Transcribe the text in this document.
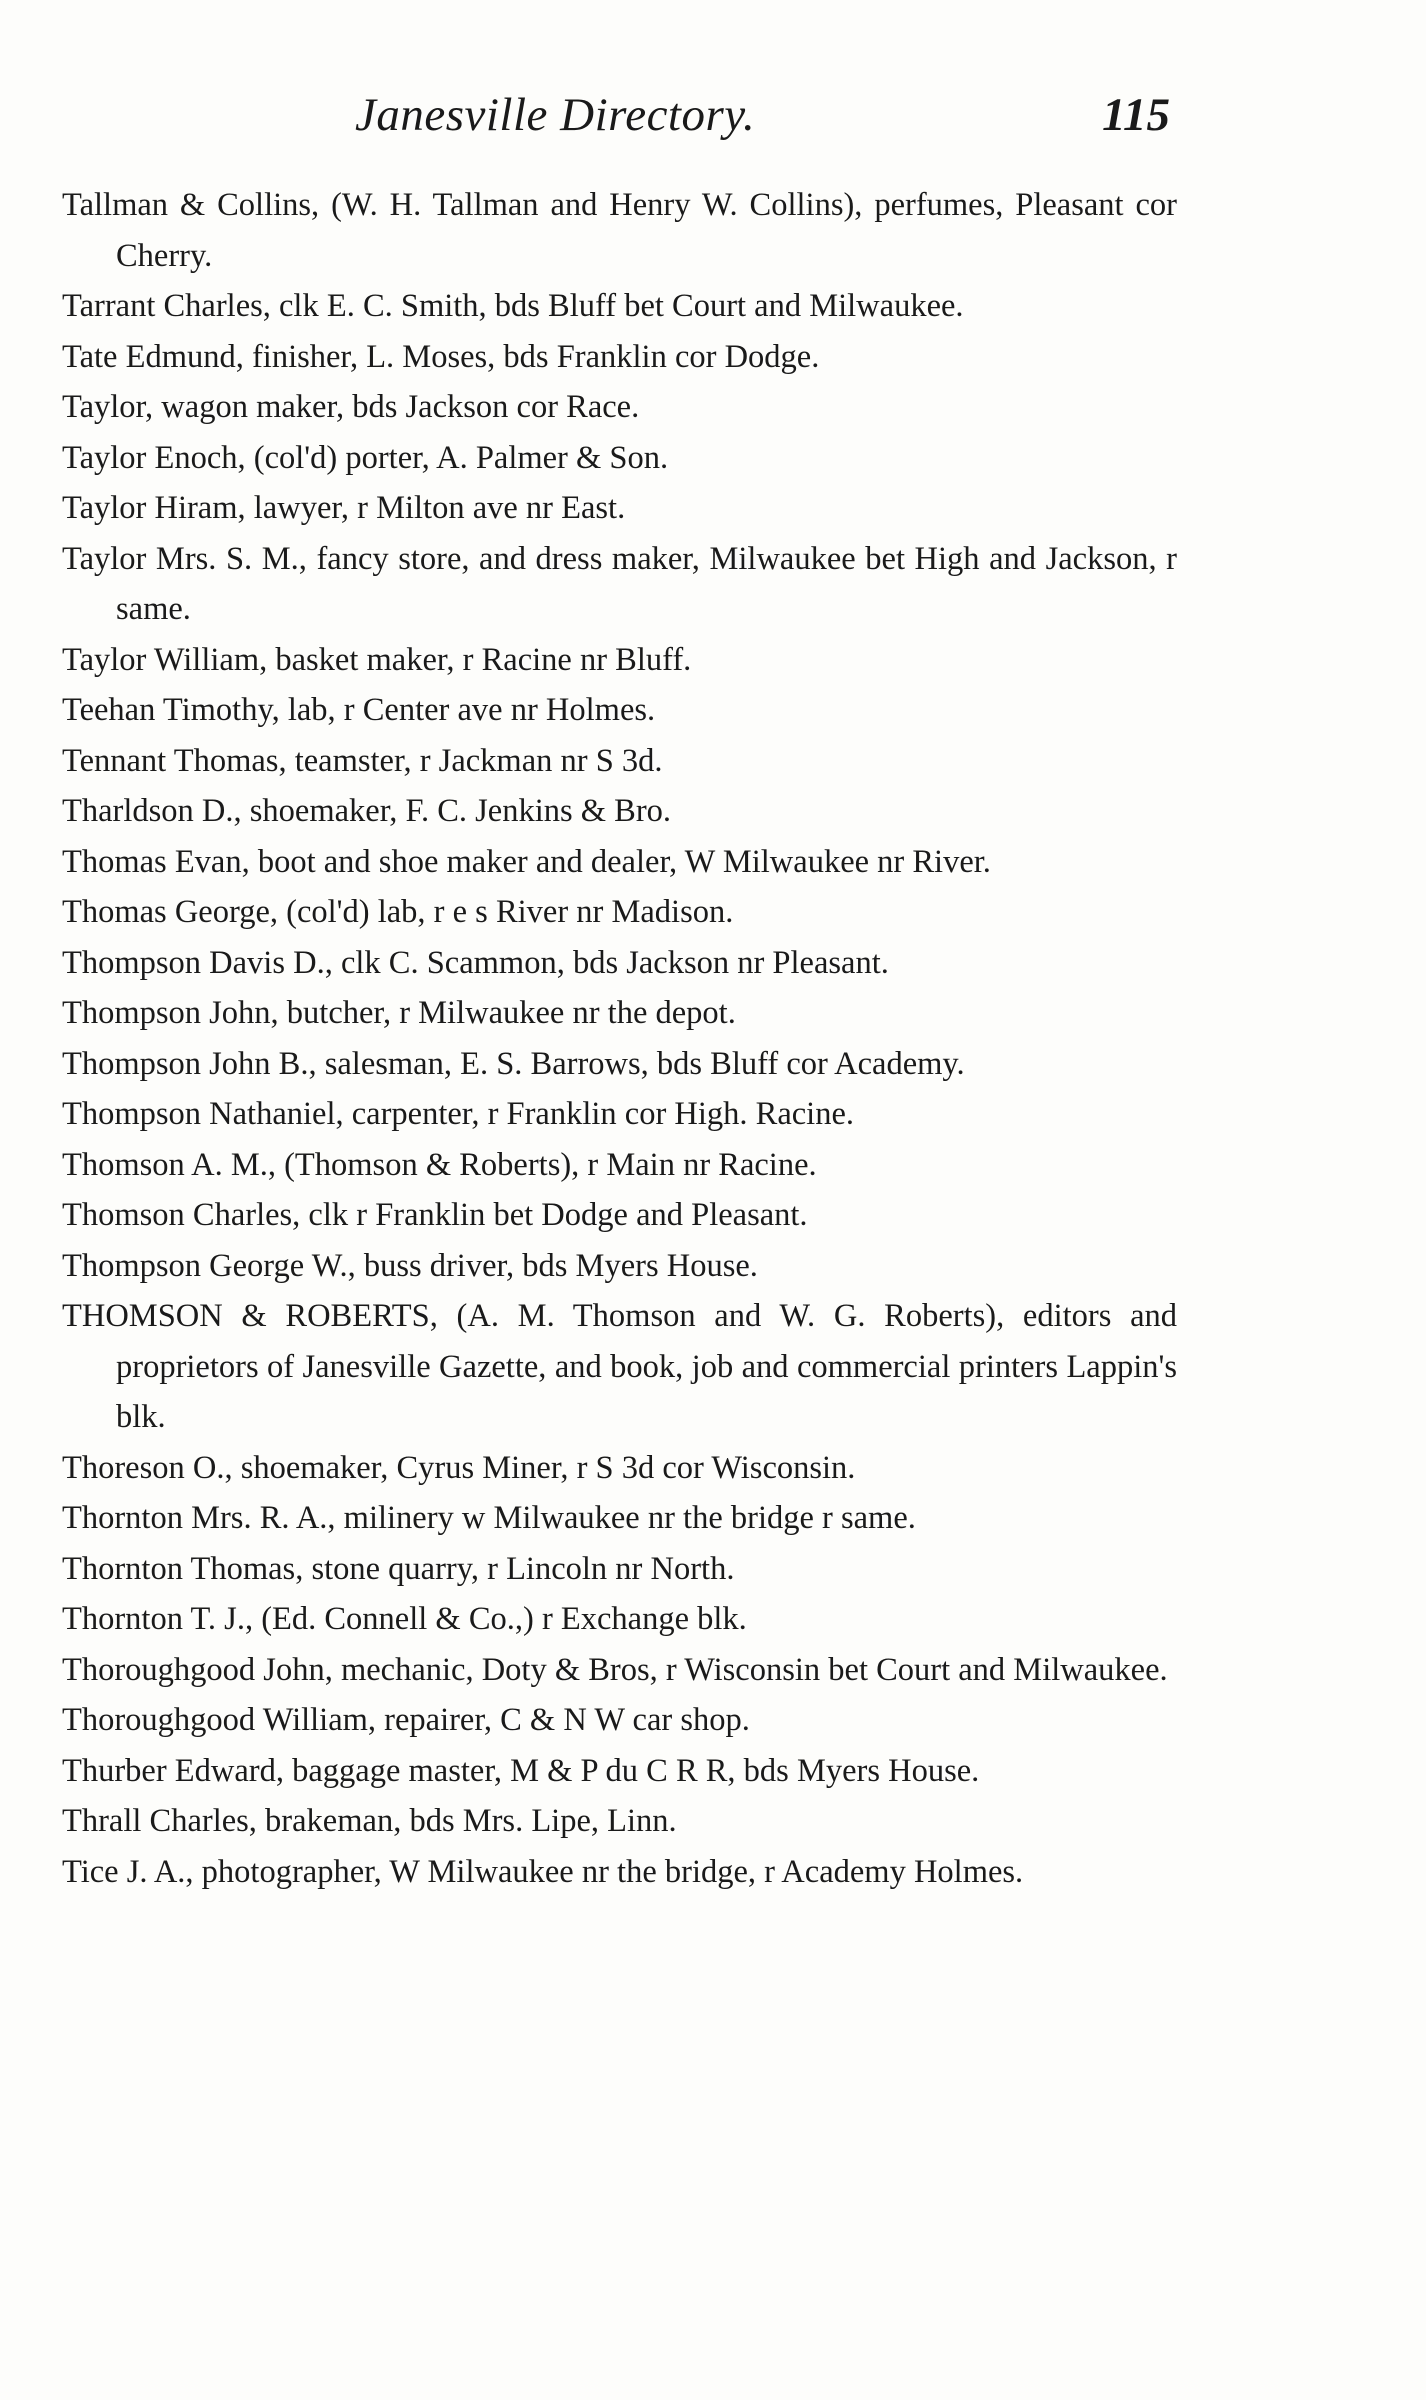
Janesville Directory.	115
Tallman & Collins, (W. H. Tallman and Henry W. Collins), perfumes, Pleasant cor Cherry.
Tarrant Charles, clk E. C. Smith, bds Bluff bet Court and Milwaukee.
Tate Edmund, finisher, L. Moses, bds Franklin cor Dodge.
Taylor, wagon maker, bds Jackson cor Race.
Taylor Enoch, (col'd) porter, A. Palmer & Son.
Taylor Hiram, lawyer, r Milton ave nr East.
Taylor Mrs. S. M., fancy store, and dress maker, Milwaukee bet High and Jackson, r same.
Taylor William, basket maker, r Racine nr Bluff.
Teehan Timothy, lab, r Center ave nr Holmes.
Tennant Thomas, teamster, r Jackman nr S 3d.
Tharldson D., shoemaker, F. C. Jenkins & Bro.
Thomas Evan, boot and shoe maker and dealer, W Milwaukee nr River.
Thomas George, (col'd) lab, r e s River nr Madison.
Thompson Davis D., clk C. Scammon, bds Jackson nr Pleasant.
Thompson John, butcher, r Milwaukee nr the depot.
Thompson John B., salesman, E. S. Barrows, bds Bluff cor Academy.
Thompson Nathaniel, carpenter, r Franklin cor High. Racine.
Thomson A. M., (Thomson & Roberts), r Main nr Racine.
Thomson Charles, clk r Franklin bet Dodge and Pleasant.
Thompson George W., buss driver, bds Myers House.
THOMSON & ROBERTS, (A. M. Thomson and W. G. Roberts), editors and proprietors of Janesville Gazette, and book, job and commercial printers Lappin's blk.
Thoreson O., shoemaker, Cyrus Miner, r S 3d cor Wisconsin.
Thornton Mrs. R. A., milinery w Milwaukee nr the bridge r same.
Thornton Thomas, stone quarry, r Lincoln nr North.
Thornton T. J., (Ed. Connell & Co.,) r Exchange blk.
Thoroughgood John, mechanic, Doty & Bros, r Wisconsin bet Court and Milwaukee.
Thoroughgood William, repairer, C & N W car shop.
Thurber Edward, baggage master, M & P du C R R, bds Myers House.
Thrall Charles, brakeman, bds Mrs. Lipe, Linn.
Tice J. A., photographer, W Milwaukee nr the bridge, r Academy Holmes.
